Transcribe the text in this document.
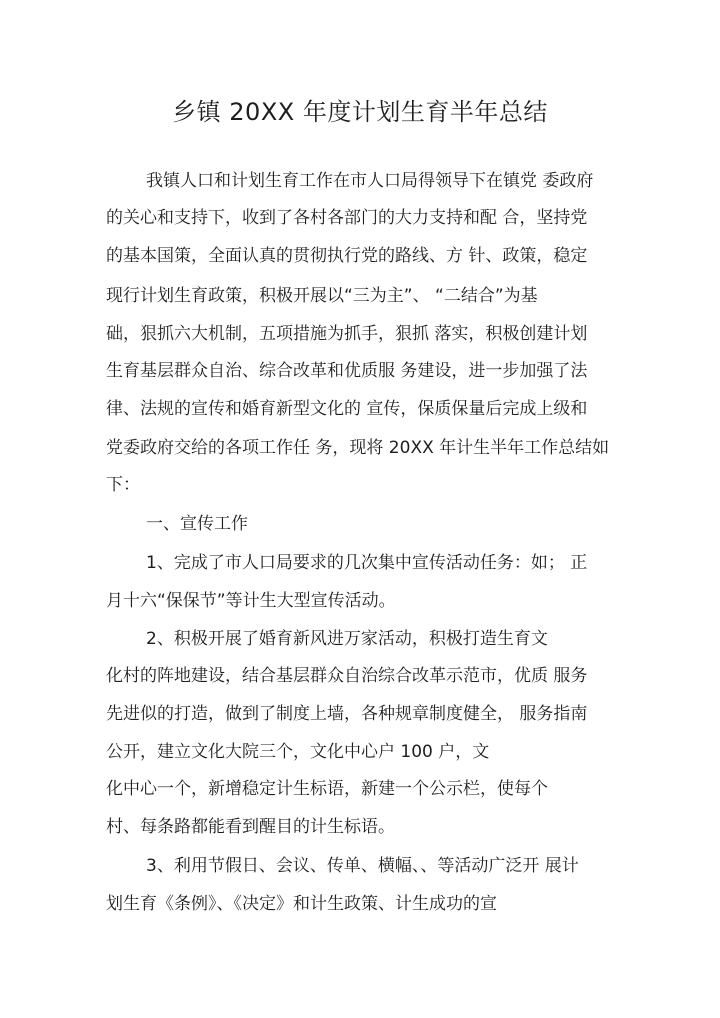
乡镇 20XX 年度计划生育半年总结
我镇人口和计划生育工作在市人口局得领导下在镇党 委政府
的关心和支持下，收到了各村各部门的大力支持和配 合，坚持党
的基本国策，全面认真的贯彻执行党的路线、方 针、政策，稳定
现行计划生育政策，积极开展以“三为主”、 “二结合”为基
础，狠抓六大机制，五项措施为抓手，狠抓 落实，积极创建计划
生育基层群众自治、综合改革和优质服 务建设，进一步加强了法
律、法规的宣传和婚育新型文化的 宣传，保质保量后完成上级和
党委政府交给的各项工作任 务，现将 20XX 年计生半年工作总结如
下：
一、宣传工作
1、完成了市人口局要求的几次集中宣传活动任务：如； 正
月十六“保保节”等计生大型宣传活动。
2、积极开展了婚育新风进万家活动，积极打造生育文
化村的阵地建设，结合基层群众自治综合改革示范市，优质 服务
先进似的打造，做到了制度上墙，各种规章制度健全， 服务指南
公开，建立文化大院三个，文化中心户 100 户，文
化中心一个，新增稳定计生标语，新建一个公示栏，使每个
村、每条路都能看到醒目的计生标语。
3、利用节假日、会议、传单、横幅、、等活动广泛开 展计
划生育《条例》、《决定》和计生政策、计生成功的宣
